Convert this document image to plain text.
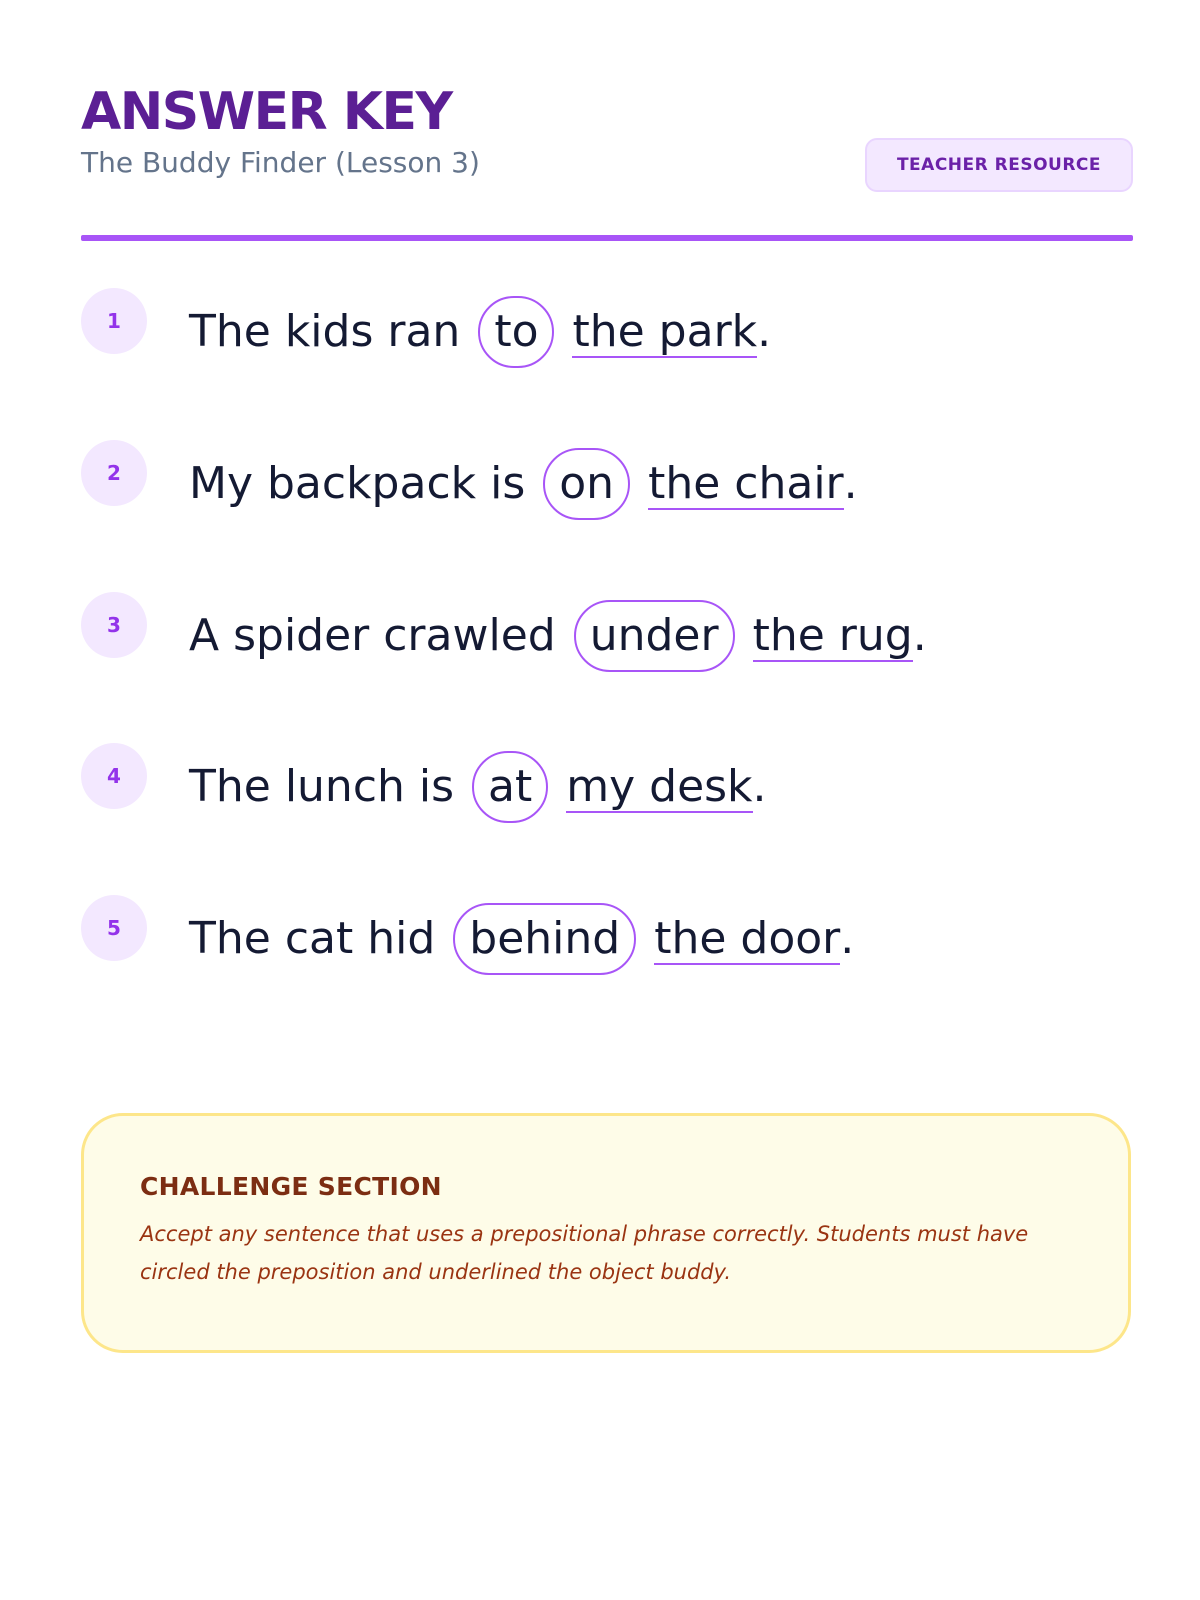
ANSWER KEY
The Buddy Finder (Lesson 3)	TEACHER RESOURCE
1	The kids ran to the park.
2	My backpack is on the chair.
3	A spider crawled under the rug.
4	The lunch is at my desk.
5	The cat hid behind the door.
CHALLENGE SECTION
Accept any sentence that uses a prepositional phrase correctly. Students must have circled the preposition and underlined the object buddy.
